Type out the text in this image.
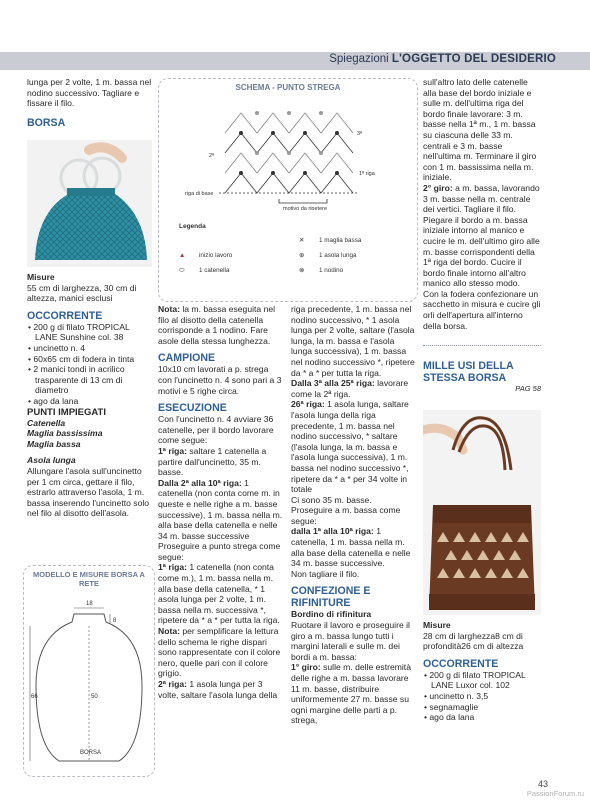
Spiegazioni L'OGGETTO DEL DESIDERIO

lunga per 2 volte, 1 m. bassa nel nodino successivo. Tagliare e fissare il filo.

BORSA

Misure

55 cm di larghezza, 30 cm di altezza, manici esclusi

OCCORRENTE

• 200 g di filato TROPICAL LANE Sunshine col. 38
• uncinetto n. 4
• 60x65 cm di fodera in tinta
• 2 manici tondi in acrilico trasparente di 13 cm di diametro
• ago da lana

PUNTI IMPIEGATI

Catenella

Maglia bassissima

Maglia bassa

Asola lunga

Allungare l'asola sull'uncinetto per 1 cm circa, gettare il filo, estrarlo attraverso l'asola, 1 m. bassa inserendo l'uncinetto solo nel filo al disotto dell'asola.

MODELLO E MISURE BORSA A RETE
18
8
66	50
BORSA
SCHEMA - PUNTO STREGA
3ª
2ª
1ª riga
riga di base
motivo da ripetere
Legenda
✕ 1 maglia bassa
▲ inizio lavoro	⊕ 1 asola lunga
⬭ 1 catenella	⊗ 1 nodino

Nota: la m. bassa eseguita nel filo al disotto della catenella corrisponde a 1 nodino. Fare asole della stessa lunghezza.

CAMPIONE

10x10 cm lavorati a p. strega con l'uncinetto n. 4 sono pari a 3 motivi e 5 righe circa.

ESECUZIONE

Con l'uncinetto n. 4 avviare 36 catenelle, per il bordo lavorare come segue:

1ª riga: saltare 1 catenella a partire dall'uncinetto, 35 m. basse.

Dalla 2ª alla 10ª riga: 1 catenella (non conta come m. in queste e nelle righe a m. basse successive), 1 m. bassa nella m. alla base della catenella e nelle 34 m. basse successive

Proseguire a punto strega come segue:

1ª riga: 1 catenella (non conta come m.), 1 m. bassa nella m. alla base della catenella, * 1 asola lunga per 2 volte, 1 m. bassa nella m. successiva *, ripetere da * a * per tutta la riga.

Nota: per semplificare la lettura dello schema le righe dispari sono rappresentate con il colore nero, quelle pari con il colore grigio.

2ª riga: 1 asola lunga per 3 volte, saltare l'asola lunga della

riga precedente, 1 m. bassa nel nodino successivo, * 1 asola lunga per 2 volte, saltare (l'asola lunga, la m. bassa e l'asola lunga successiva), 1 m. bassa nel nodino successivo *, ripetere da * a * per tutta la riga.

Dalla 3ª alla 25ª riga: lavorare come la 2ª riga.

26ª riga: 1 asola lunga, saltare l'asola lunga della riga precedente, 1 m. bassa nel nodino successivo, * saltare (l'asola lunga, la m. bassa e l'asola lunga successiva), 1 m. bassa nel nodino successivo *, ripetere da * a * per 34 volte in totale

Ci sono 35 m. basse.

Proseguire a m. bassa come segue:

dalla 1ª alla 10ª riga: 1 catenella, 1 m. bassa nella m. alla base della catenella e nelle 34 m. basse successive.

Non tagliare il filo.

CONFEZIONE E RIFINITURE

Bordino di rifinitura

Ruotare il lavoro e proseguire il giro a m. bassa lungo tutti i margini laterali e sulle m. dei bordi a m. bassa:

1° giro: sulle m. delle estremità delle righe a m. bassa lavorare 11 m. basse, distribuire uniformemente 27 m. basse su ogni margine delle parti a p. strega,

sull'altro lato delle catenelle alla base del bordo iniziale e sulle m. dell'ultima riga del bordo finale lavorare: 3 m. basse nella 1ª m., 1 m. bassa su ciascuna delle 33 m. centrali e 3 m. basse nell'ultima m. Terminare il giro con 1 m. bassissima nella m. iniziale.

2° giro: a m. bassa, lavorando 3 m. basse nella m. centrale dei vertici. Tagliare il filo.

Piegare il bordo a m. bassa iniziale intorno al manico e cucire le m. dell'ultimo giro alle m. basse corrispondenti della 1ª riga del bordo. Cucire il bordo finale intorno all'altro manico allo stesso modo.

Con la fodera confezionare un sacchetto in misura e cucire gli orli dell'apertura all'interno della borsa.

MILLE USI DELLA STESSA BORSA

PAG 58

Misure

28 cm di larghezza8 cm di profondità26 cm di altezza

OCCORRENTE

• 200 g di filato TROPICAL LANE Luxor col. 102
• uncinetto n. 3,5
• segnamaglie
• ago da lana
43
PassionForum.ru
